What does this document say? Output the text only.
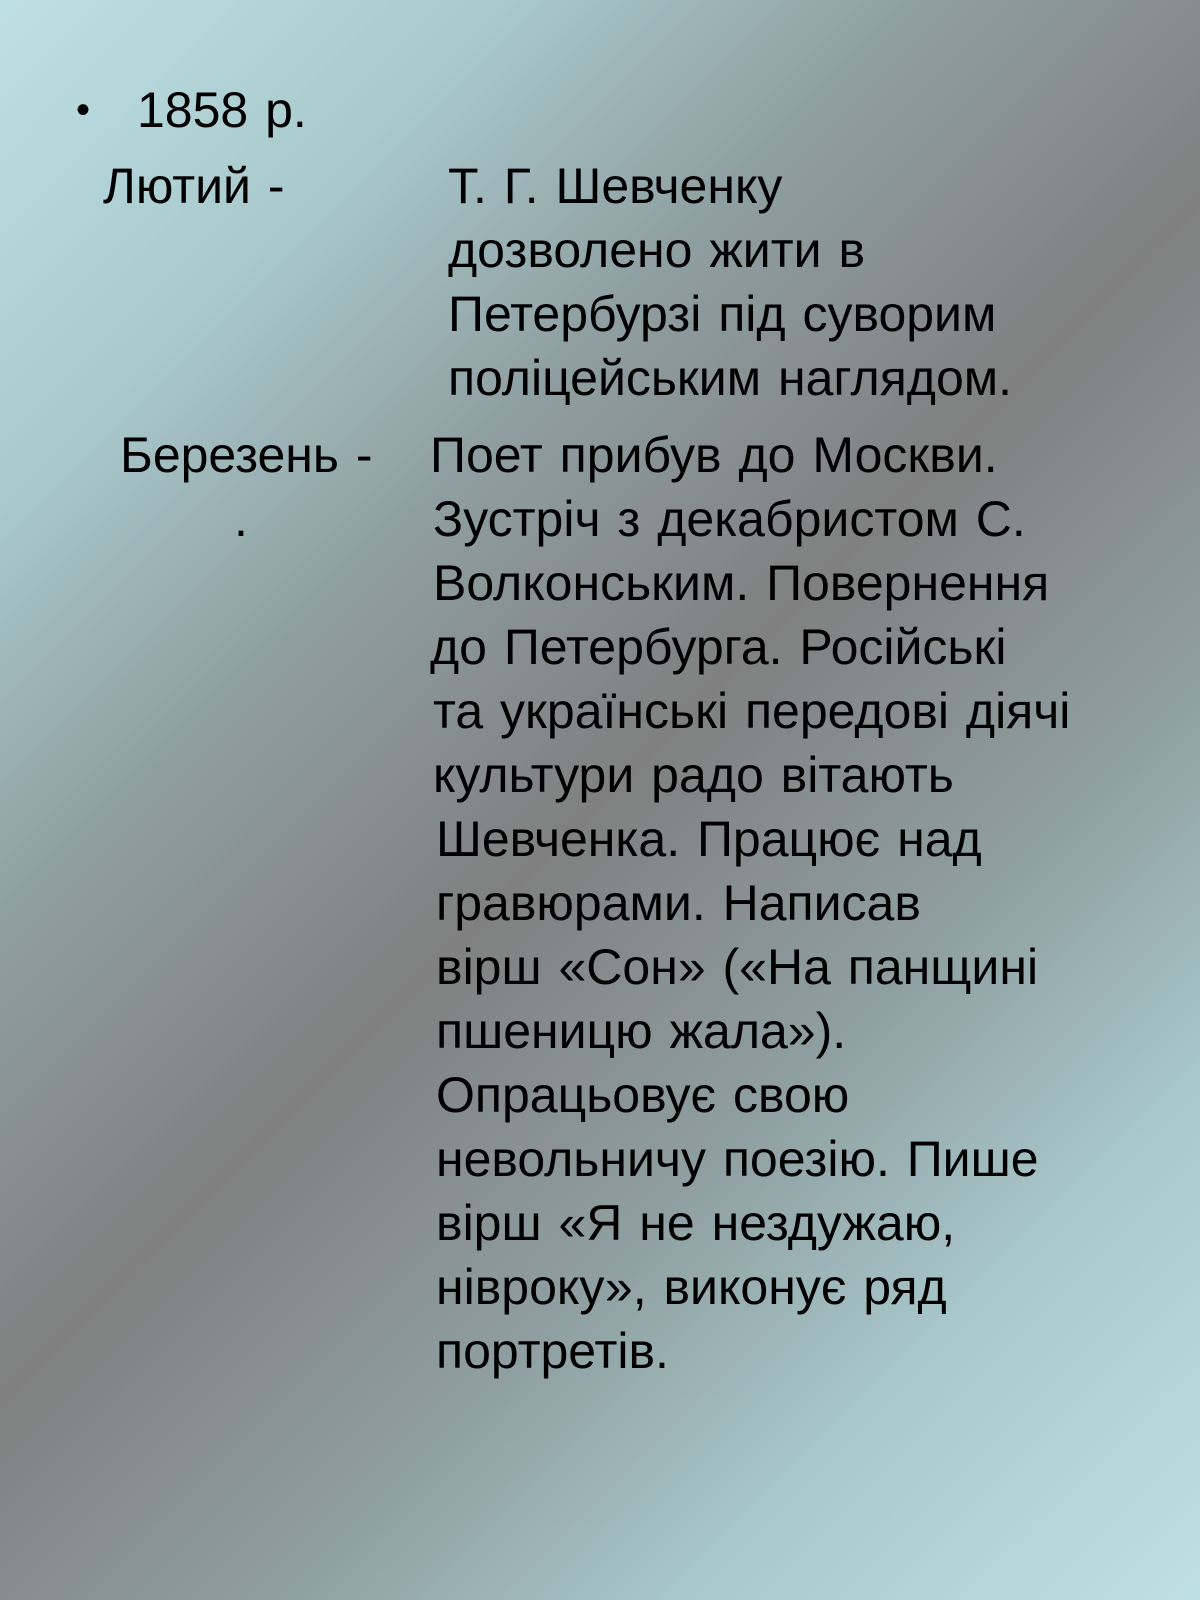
• 1858 р.
Лютий -	Т. Г. Шевченку
дозволено жити в
Петербурзі під суворим
поліцейським наглядом.
Березень -
.
Поет прибув до Москви.
Зустріч з декабристом С.
Волконським. Повернення
до Петербурга. Російські
та українські передові діячі
культури радо вітають
Шевченка. Працює над
гравюрами. Написав
вірш «Сон» («На панщині
пшеницю жала»).
Опрацьовує свою
невольничу поезію. Пише
вірш «Я не нездужаю,
нівроку», виконує ряд
портретів.
